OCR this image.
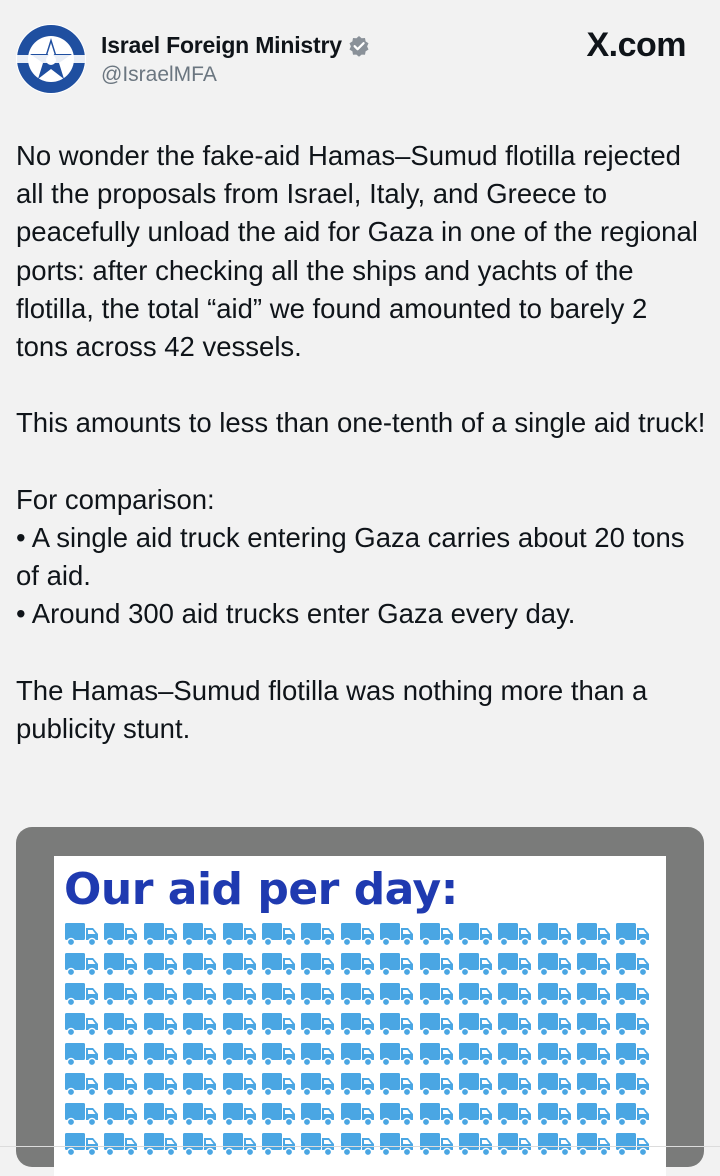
Israel Foreign Ministry
@IsraelMFA
X.com

No wonder the fake-aid Hamas–Sumud flotilla rejected all the proposals from Israel, Italy, and Greece to peacefully unload the aid for Gaza in one of the regional ports: after checking all the ships and yachts of the flotilla, the total “aid” we found amounted to barely 2 tons across 42 vessels.

This amounts to less than one-tenth of a single aid truck!

For comparison:

• A single aid truck entering Gaza carries about 20 tons of aid.

• Around 300 aid trucks enter Gaza every day.

The Hamas–Sumud flotilla was nothing more than a publicity stunt.

Our aid per day:
